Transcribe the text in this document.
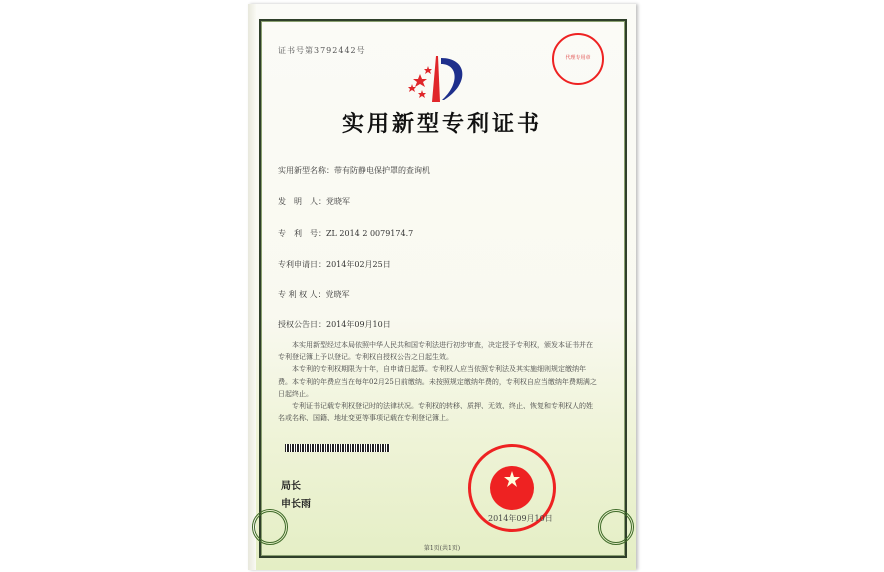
证书号第3792442号
代理专用章
实用新型专利证书
实用新型名称：带有防静电保护罩的查询机
发　明　人：党晓军
专　利　号：ZL 2014 2 0079174.7
专利申请日：2014年02月25日
专 利 权 人：党晓军
授权公告日：2014年09月10日

本实用新型经过本局依照中华人民共和国专利法进行初步审查，决定授予专利权，颁发本证书并在专利登记簿上予以登记。专利权自授权公告之日起生效。

本专利的专利权期限为十年，自申请日起算。专利权人应当依照专利法及其实施细则规定缴纳年费。本专利的年费应当在每年02月25日前缴纳。未按照规定缴纳年费的，专利权自应当缴纳年费期满之日起终止。

专利证书记载专利权登记时的法律状况。专利权的转移、质押、无效、终止、恢复和专利权人的姓名或名称、国籍、地址变更等事项记载在专利登记簿上。

局长
申长雨
2014年09月10日
第1页(共1页)
